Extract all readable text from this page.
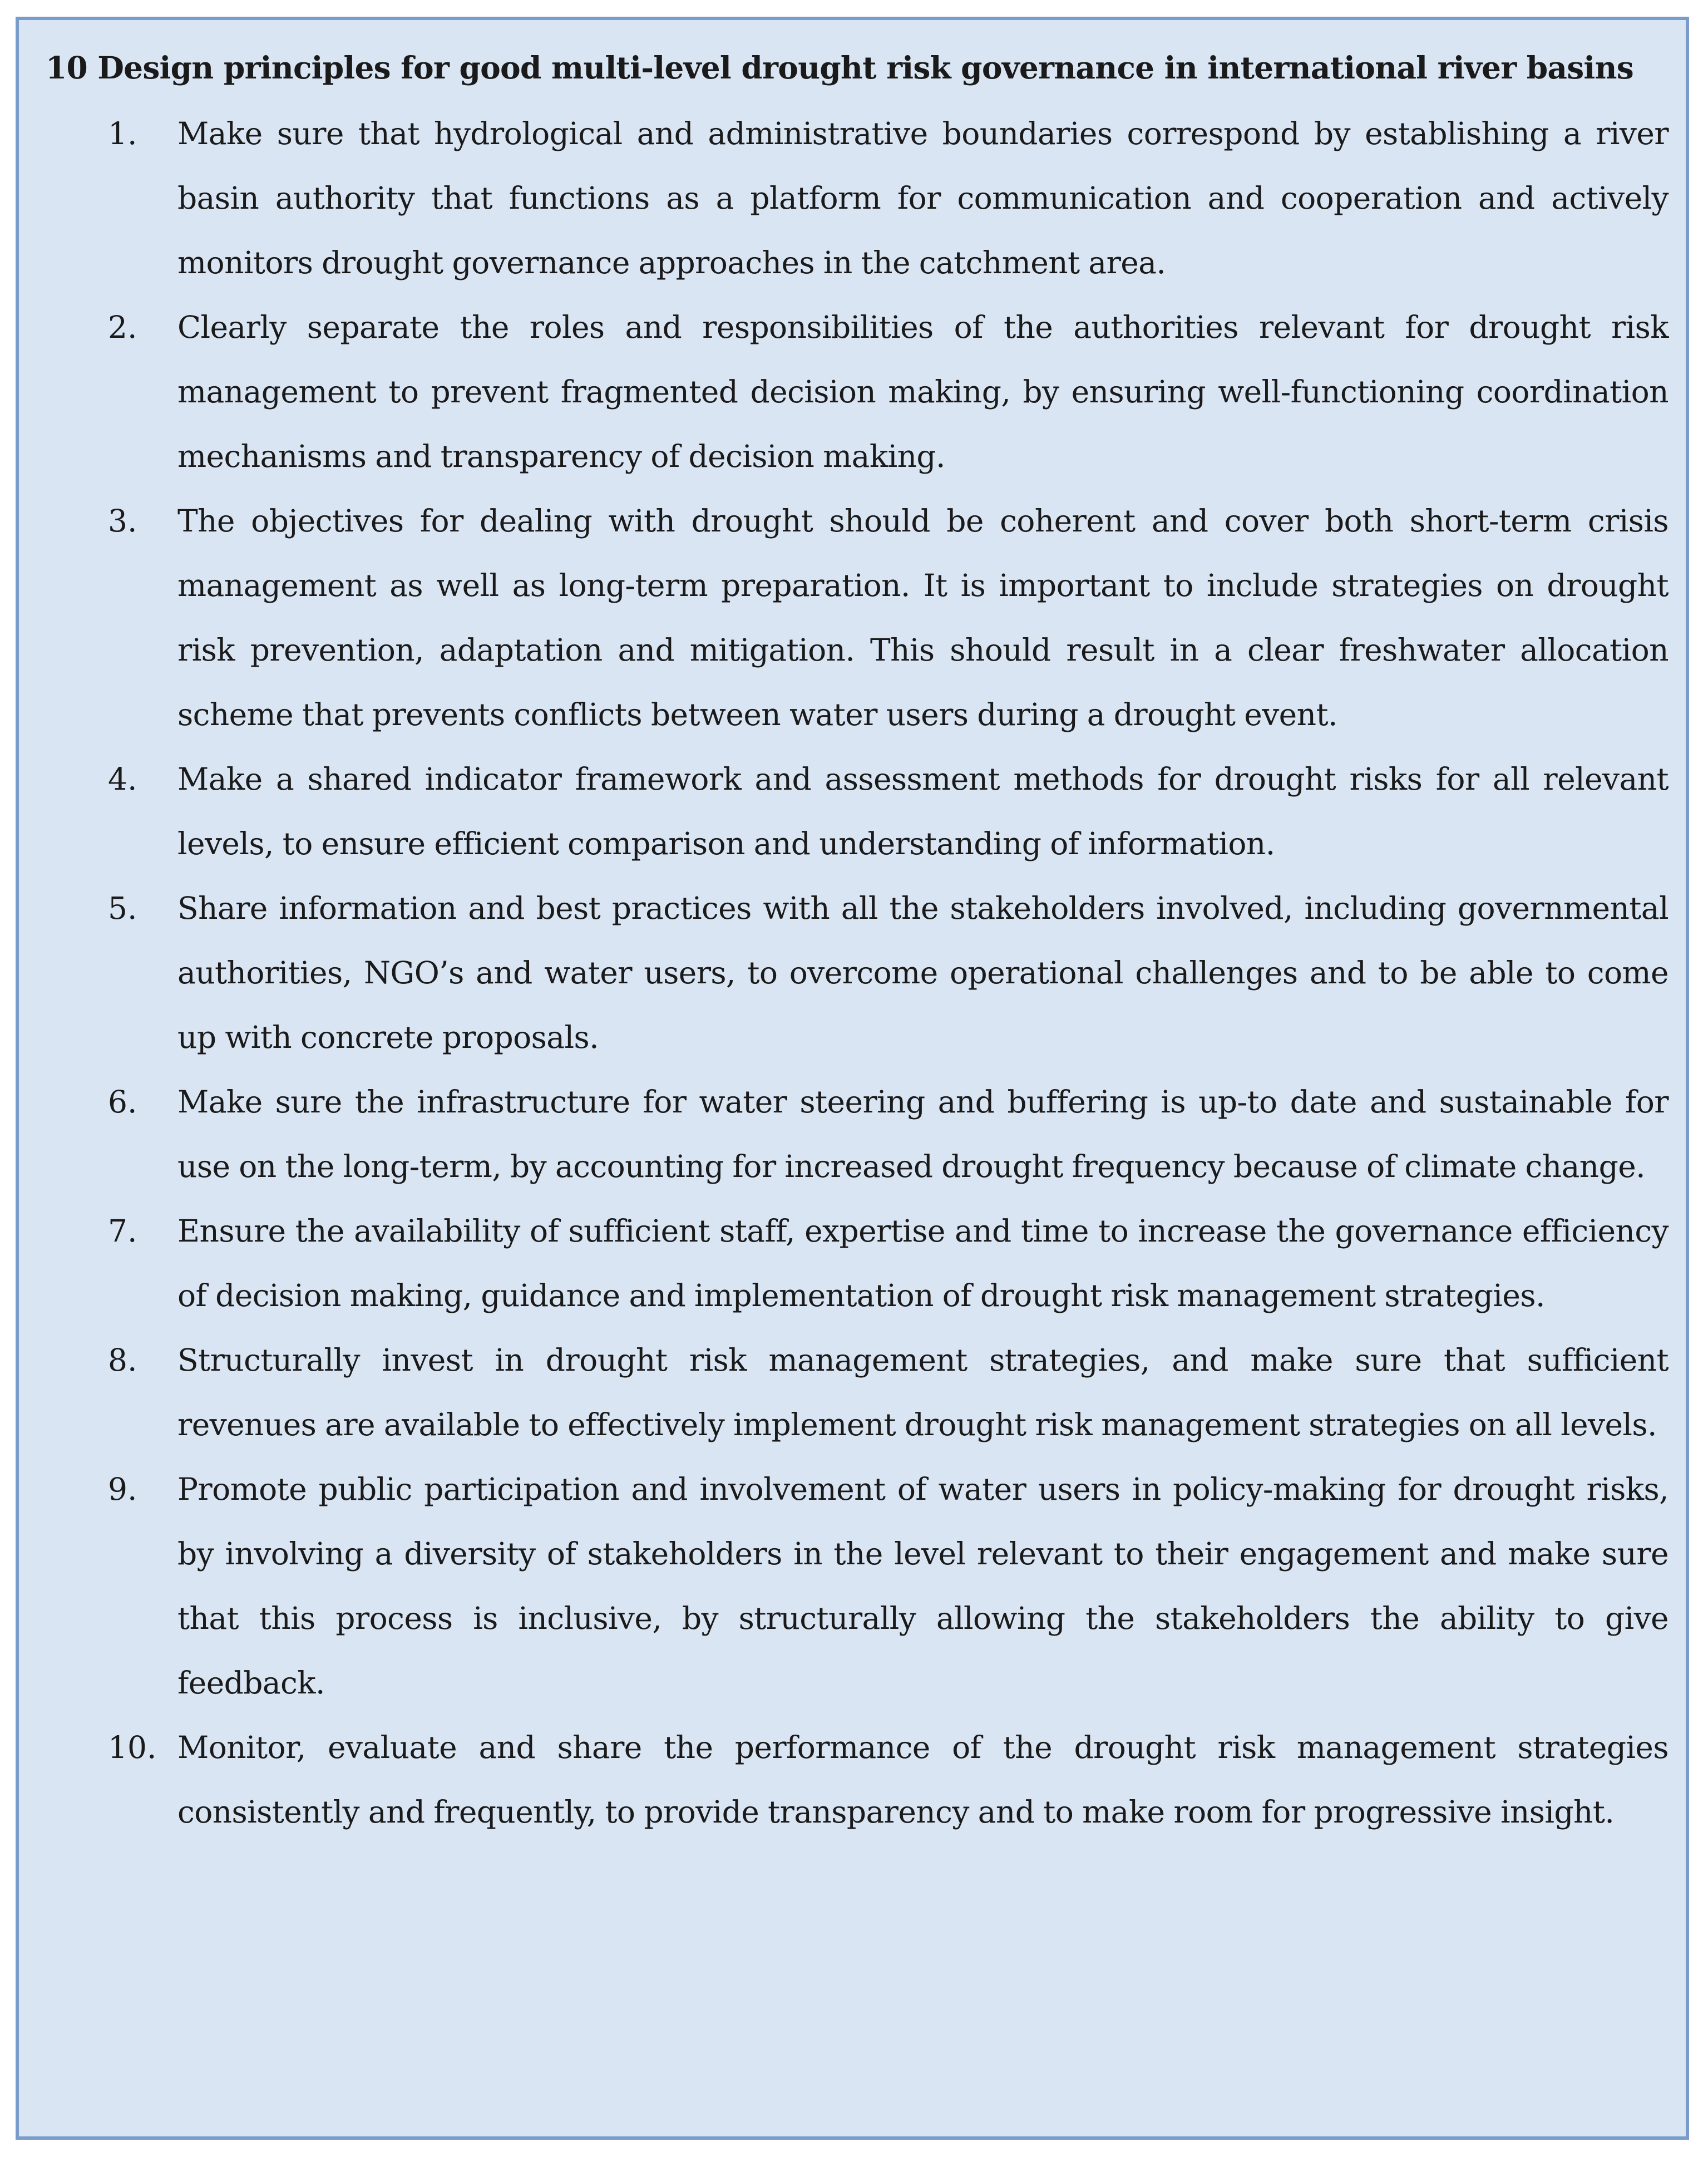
10 Design principles for good multi-level drought risk governance in international river basins
1.	Make sure that hydrological and administrative boundaries correspond by establishing a river basin authority that functions as a platform for communication and cooperation and actively monitors drought governance approaches in the catchment area.
2.	Clearly separate the roles and responsibilities of the authorities relevant for drought risk management to prevent fragmented decision making, by ensuring well-functioning coordination mechanisms and transparency of decision making.
3.	The objectives for dealing with drought should be coherent and cover both short-term crisis management as well as long-term preparation. It is important to include strategies on drought risk prevention, adaptation and mitigation. This should result in a clear freshwater allocation scheme that prevents conflicts between water users during a drought event.
4.	Make a shared indicator framework and assessment methods for drought risks for all relevant levels, to ensure efficient comparison and understanding of information.
5.	Share information and best practices with all the stakeholders involved, including governmental authorities, NGO’s and water users, to overcome operational challenges and to be able to come up with concrete proposals.
6.	Make sure the infrastructure for water steering and buffering is up-to date and sustainable for use on the long-term, by accounting for increased drought frequency because of climate change.
7.	Ensure the availability of sufficient staff, expertise and time to increase the governance efficiency of decision making, guidance and implementation of drought risk management strategies.
8.	Structurally invest in drought risk management strategies, and make sure that sufficient revenues are available to effectively implement drought risk management strategies on all levels.
9.	Promote public participation and involvement of water users in policy-making for drought risks, by involving a diversity of stakeholders in the level relevant to their engagement and make sure that this process is inclusive, by structurally allowing the stakeholders the ability to give feedback.
10. Monitor, evaluate and share the performance of the drought risk management strategies consistently and frequently, to provide transparency and to make room for progressive insight.
